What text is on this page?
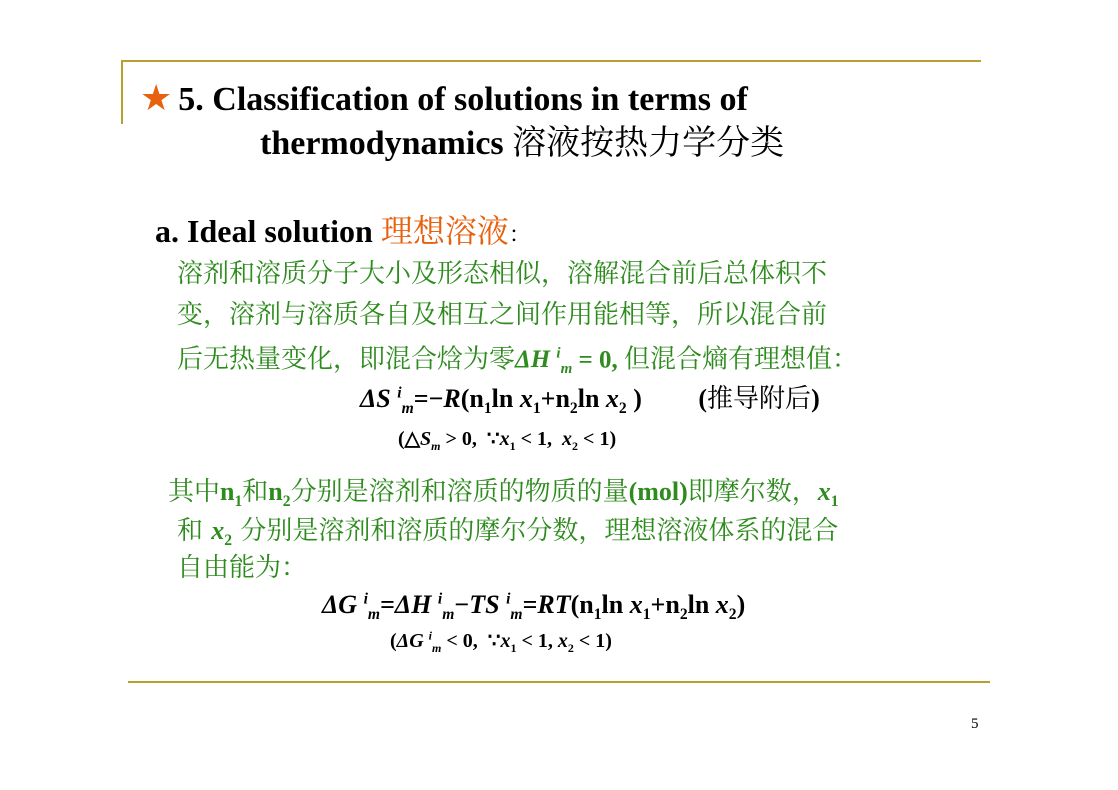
★ 5. Classification of solutions in terms of
thermodynamics 溶液按热力学分类
a. Ideal solution 理想溶液：
溶剂和溶质分子大小及形态相似，溶解混合前后总体积不
变，溶剂与溶质各自及相互之间作用能相等，所以混合前
后无热量变化，即混合焓为零ΔH $^i_m$ = 0, 但混合熵有理想值：
ΔS $^i_m=-R(n_1\ln$ $x_1+n_2\ln$ $x_2$ ) (推导附后)
($\triangle S_m > 0$,  $\because x_1 < 1$,  $x_2 < 1$)
其中$n_1$和$n_2$分别是溶剂和溶质的物质的量(mol)即摩尔数，$x_1$
和 $x_2$ 分别是溶剂和溶质的摩尔分数，理想溶液体系的混合
自由能为：
ΔG $^i_m$=ΔH $^i_m$−TS $^i_m=RT(n_1\ln$ $x_1+n_2\ln$ $x_2$)
(ΔG $^i_m$ < 0,  $\because x_1 < 1$, $x_2 < 1$)
5
